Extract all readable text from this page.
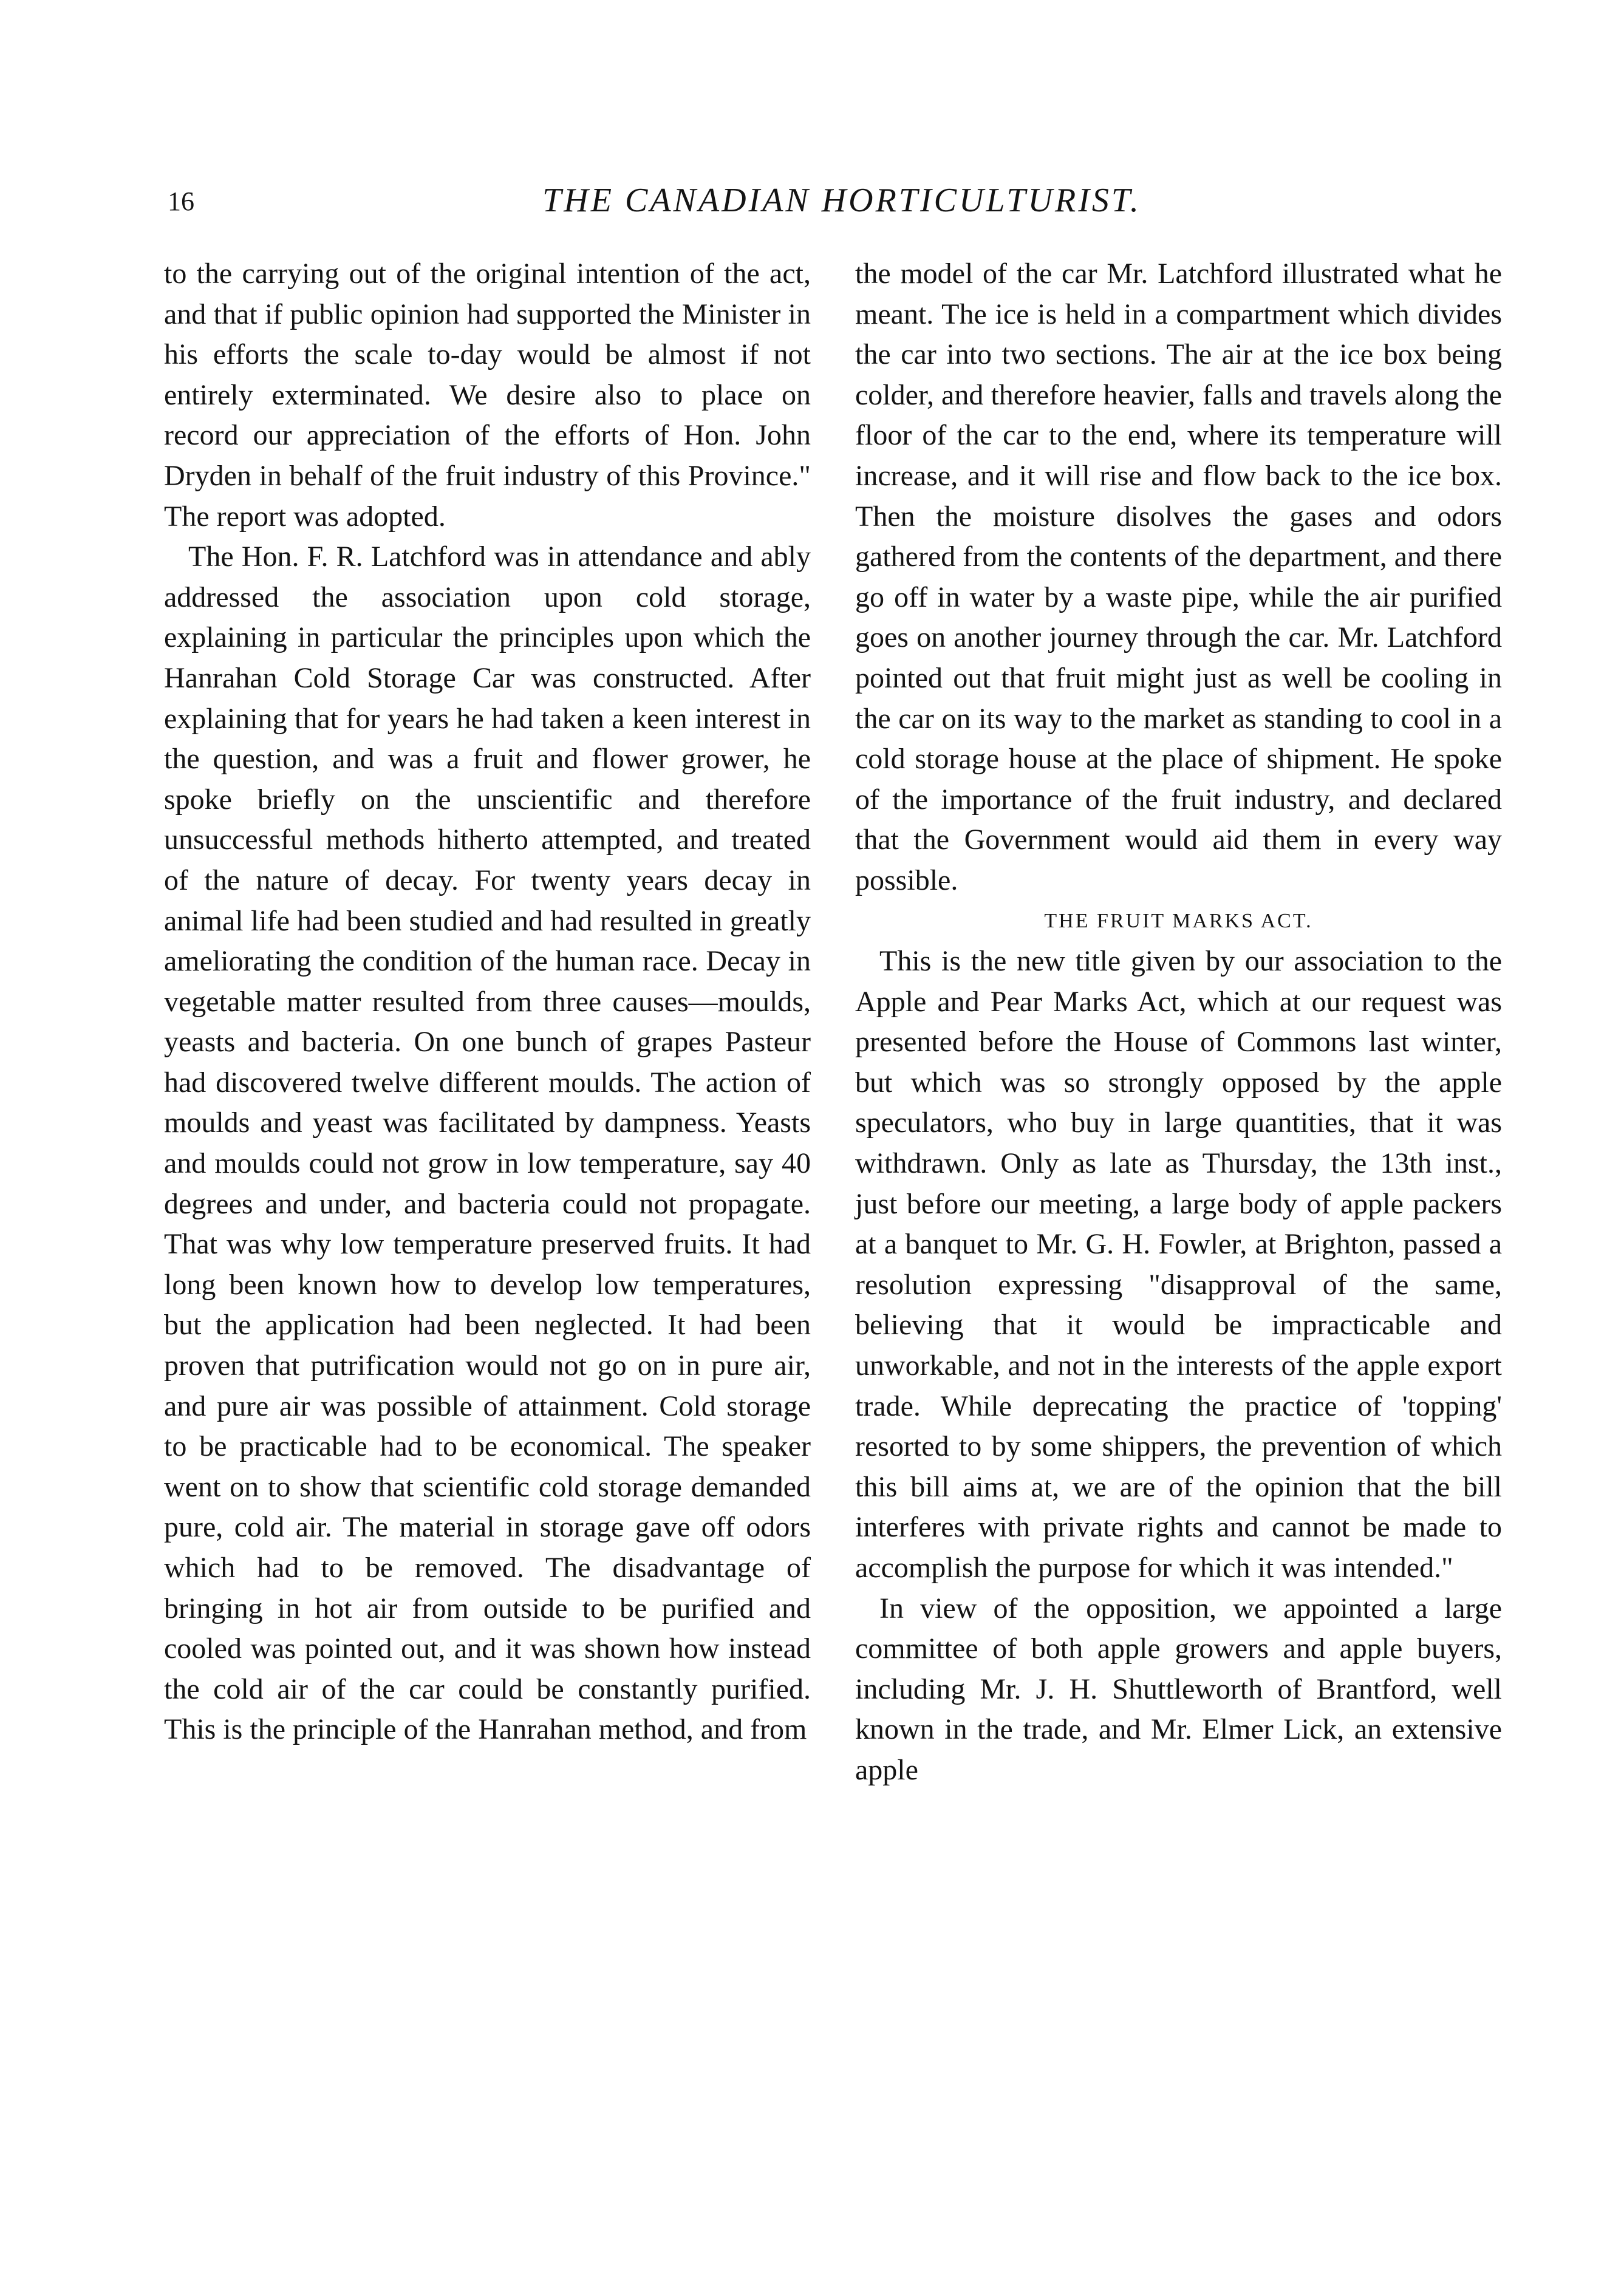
16	THE CANADIAN HORTICULTURIST.

to the carrying out of the original intention of the act, and that if public opinion had supported the Minister in his efforts the scale to-day would be almost if not entirely exterminated. We desire also to place on record our appreciation of the efforts of Hon. John Dryden in behalf of the fruit industry of this Province." The report was adopted.

The Hon. F. R. Latchford was in attendance and ably addressed the association upon cold storage, explaining in particular the principles upon which the Hanrahan Cold Storage Car was constructed. After explaining that for years he had taken a keen interest in the question, and was a fruit and flower grower, he spoke briefly on the unscientific and therefore unsuccessful methods hitherto attempted, and treated of the nature of decay. For twenty years decay in animal life had been studied and had resulted in greatly ameliorating the condition of the human race. Decay in vegetable matter resulted from three causes—moulds, yeasts and bacteria. On one bunch of grapes Pasteur had discovered twelve different moulds. The action of moulds and yeast was facilitated by dampness. Yeasts and moulds could not grow in low temperature, say 40 degrees and under, and bacteria could not propagate. That was why low temperature preserved fruits. It had long been known how to develop low temperatures, but the application had been neglected. It had been proven that putrification would not go on in pure air, and pure air was possible of attainment. Cold storage to be practicable had to be economical. The speaker went on to show that scientific cold storage demanded pure, cold air. The material in storage gave off odors which had to be removed. The disadvantage of bringing in hot air from outside to be purified and cooled was pointed out, and it was shown how instead the cold air of the car could be constantly purified. This is the principle of the Hanrahan method, and from

the model of the car Mr. Latchford illustrated what he meant. The ice is held in a compartment which divides the car into two sections. The air at the ice box being colder, and therefore heavier, falls and travels along the floor of the car to the end, where its temperature will increase, and it will rise and flow back to the ice box. Then the moisture disolves the gases and odors gathered from the contents of the department, and there go off in water by a waste pipe, while the air purified goes on another journey through the car. Mr. Latchford pointed out that fruit might just as well be cooling in the car on its way to the market as standing to cool in a cold storage house at the place of shipment. He spoke of the importance of the fruit industry, and declared that the Government would aid them in every way possible.

THE FRUIT MARKS ACT.

This is the new title given by our association to the Apple and Pear Marks Act, which at our request was presented before the House of Commons last winter, but which was so strongly opposed by the apple speculators, who buy in large quantities, that it was withdrawn. Only as late as Thursday, the 13th inst., just before our meeting, a large body of apple packers at a banquet to Mr. G. H. Fowler, at Brighton, passed a resolution expressing "disapproval of the same, believing that it would be impracticable and unworkable, and not in the interests of the apple export trade. While deprecating the practice of 'topping' resorted to by some shippers, the prevention of which this bill aims at, we are of the opinion that the bill interferes with private rights and cannot be made to accomplish the purpose for which it was intended."

In view of the opposition, we appointed a large committee of both apple growers and apple buyers, including Mr. J. H. Shuttleworth of Brantford, well known in the trade, and Mr. Elmer Lick, an extensive apple
